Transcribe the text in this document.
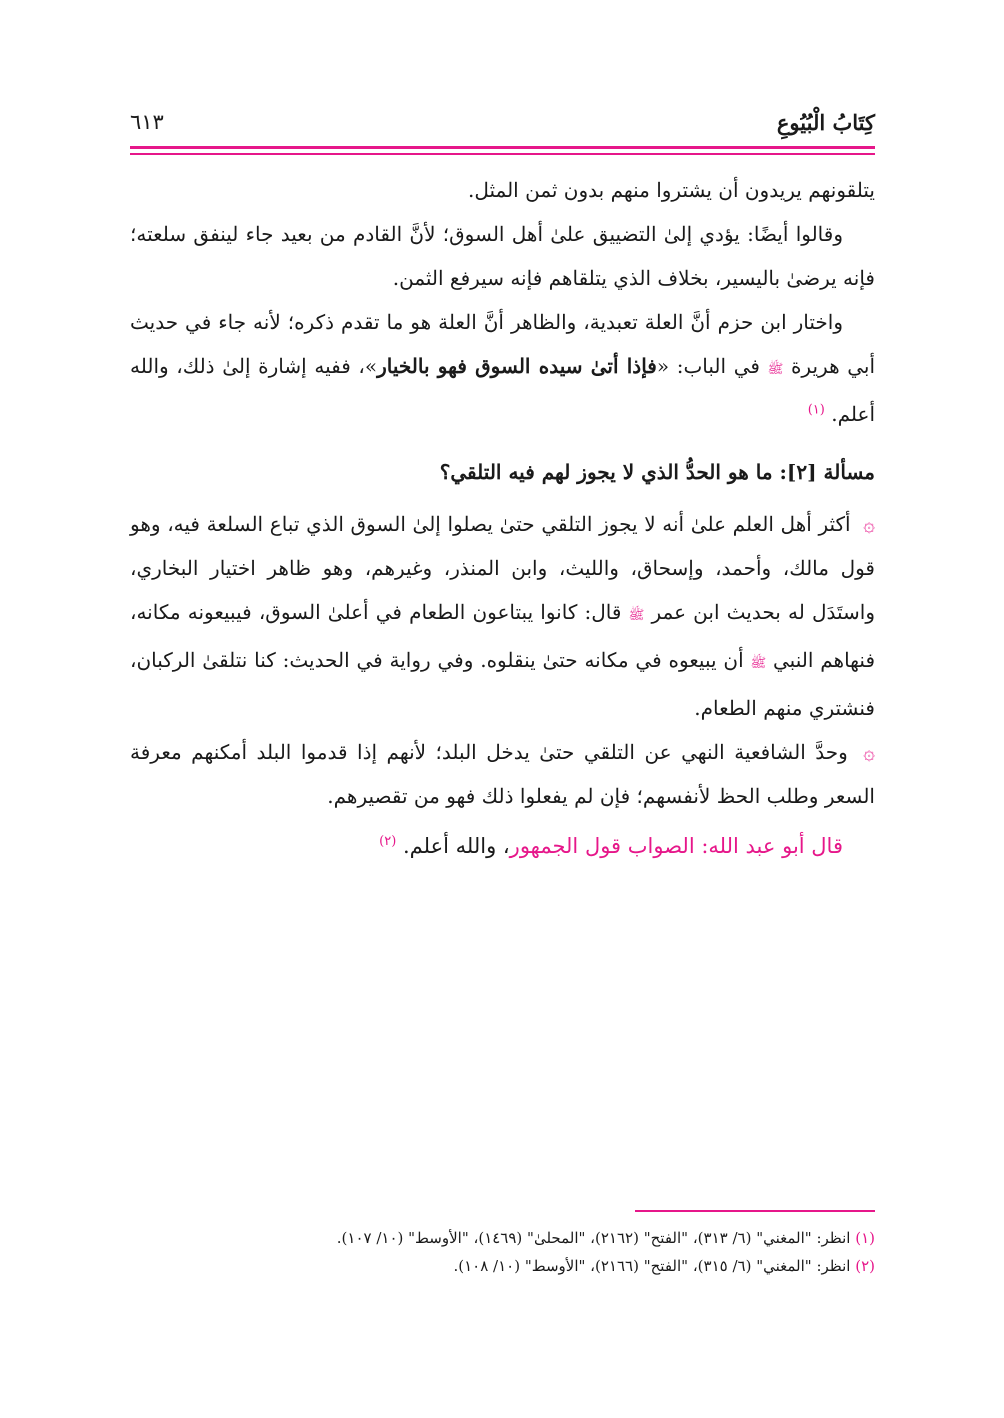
كِتَابُ الْبُيُوعِ
٦١٣

يتلقونهم يريدون أن يشتروا منهم بدون ثمن المثل.

وقالوا أيضًا: يؤدي إلىٰ التضييق علىٰ أهل السوق؛ لأنَّ القادم من بعيد جاء لينفق سلعته؛ فإنه يرضىٰ باليسير، بخلاف الذي يتلقاهم فإنه سيرفع الثمن.

واختار ابن حزم أنَّ العلة تعبدية، والظاهر أنَّ العلة هو ما تقدم ذكره؛ لأنه جاء في حديث أبي هريرة ﷺ في الباب: «فإذا أتىٰ سيده السوق فهو بالخيار»، ففيه إشارة إلىٰ ذلك، والله أعلم. $^{(١)}$

مسألة [٢]: ما هو الحدُّ الذي لا يجوز لهم فيه التلقي؟

۞ أكثر أهل العلم علىٰ أنه لا يجوز التلقي حتىٰ يصلوا إلىٰ السوق الذي تباع السلعة فيه، وهو قول مالك، وأحمد، وإسحاق، والليث، وابن المنذر، وغيرهم، وهو ظاهر اختيار البخاري، واستَدَل له بحديث ابن عمر ﷺ قال: كانوا يبتاعون الطعام في أعلىٰ السوق، فيبيعونه مكانه، فنهاهم النبي ﷺ أن يبيعوه في مكانه حتىٰ ينقلوه. وفي رواية في الحديث: كنا نتلقىٰ الركبان، فنشتري منهم الطعام.

۞ وحدَّ الشافعية النهي عن التلقي حتىٰ يدخل البلد؛ لأنهم إذا قدموا البلد أمكنهم معرفة السعر وطلب الحظ لأنفسهم؛ فإن لم يفعلوا ذلك فهو من تقصيرهم.

قال أبو عبد الله: الصواب قول الجمهور، والله أعلم. $^{(٢)}$

(١) انظر: "المغني" (٦/ ٣١٣)، "الفتح" (٢١٦٢)، "المحلىٰ" (١٤٦٩)، "الأوسط" (١٠/ ١٠٧).

(٢) انظر: "المغني" (٦/ ٣١٥)، "الفتح" (٢١٦٦)، "الأوسط" (١٠/ ١٠٨).
